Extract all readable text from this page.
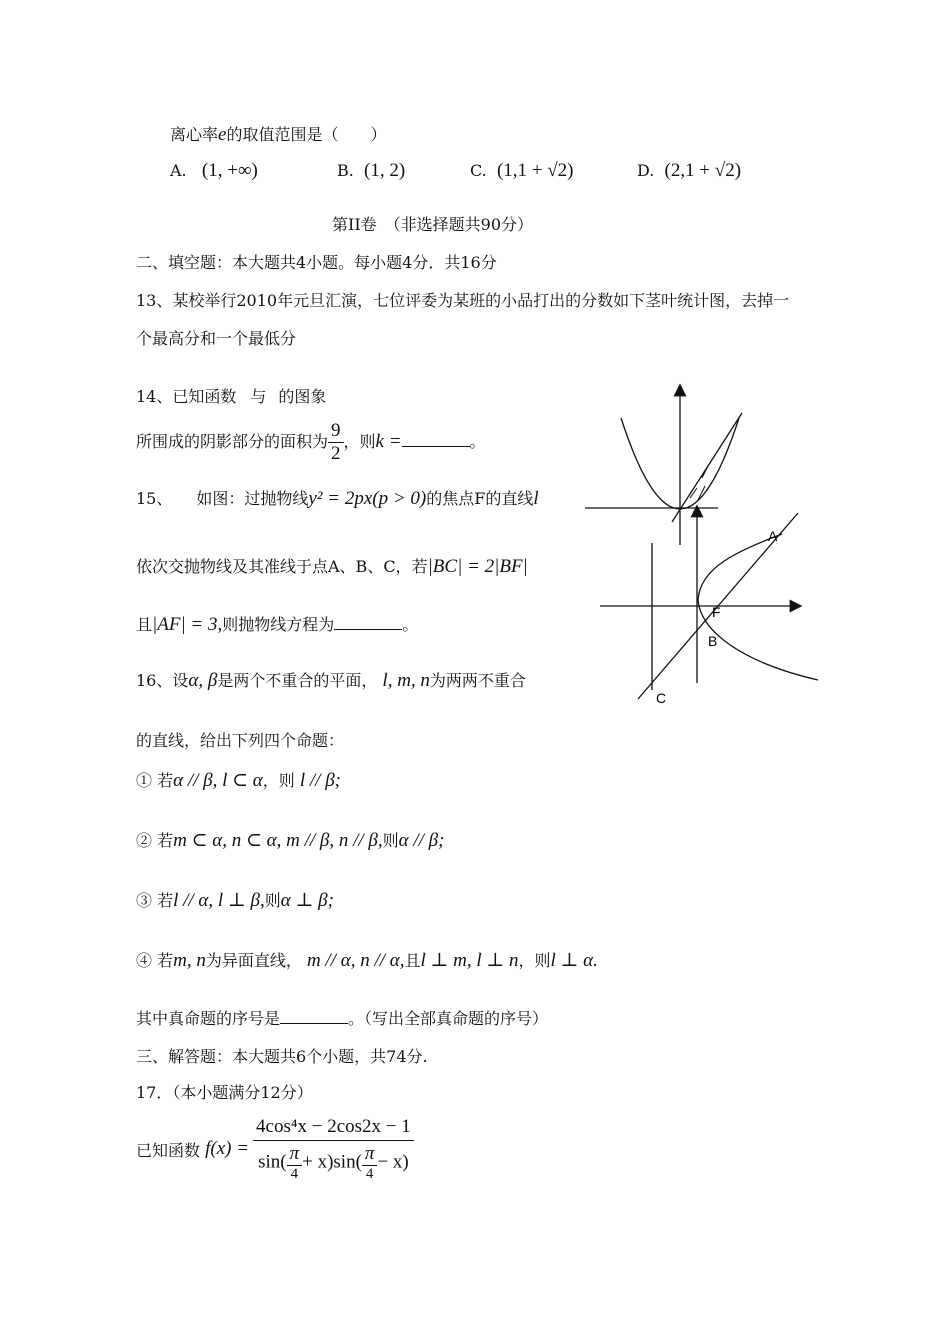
离心率e的取值范围是（　　）
A. (1, +∞)	B. (1, 2)	C. (1,1 + √2)	D. (2,1 + √2)
第II卷　（非选择题共90分）
二、填空题：本大题共4小题。每小题4分．共16分
13、某校举行2010年元旦汇演，七位评委为某班的小品打出的分数如下茎叶统计图，去掉一
个最高分和一个最低分
14、已知函数 与 的图象
所围成的阴影部分的面积为 $\frac{9}{2}$ ，则k =	。
15、　　如图：过抛物线y² = 2px(p > 0)的焦点F的直线l
依次交抛物线及其准线于点A、B、C，若|BC| = 2|BF|
且|AF| = 3,则抛物线方程为	。
16、设α, β是两个不重合的平面， l, m, n为两两不重合
的直线，给出下列四个命题：
① 若α // β, l ⊂ α，则 l // β;
② 若m ⊂ α, n ⊂ α, m // β, n // β,则α // β;
③ 若l // α, l ⊥ β,则α ⊥ β;
④ 若m, n为异面直线， m // α, n // α,且l ⊥ m, l ⊥ n，则l ⊥ α.
其中真命题的序号是	。（写出全部真命题的序号）
三、解答题：本大题共6个小题，共74分.
17．（本小题满分12分）
已知函数
$f(x) = \frac{\text{4cos⁴x − 2cos2x − 1}}{\sin( \frac{\pi}{4} + x)\sin( \frac{\pi}{4} - x)}$
A
F
B
C
